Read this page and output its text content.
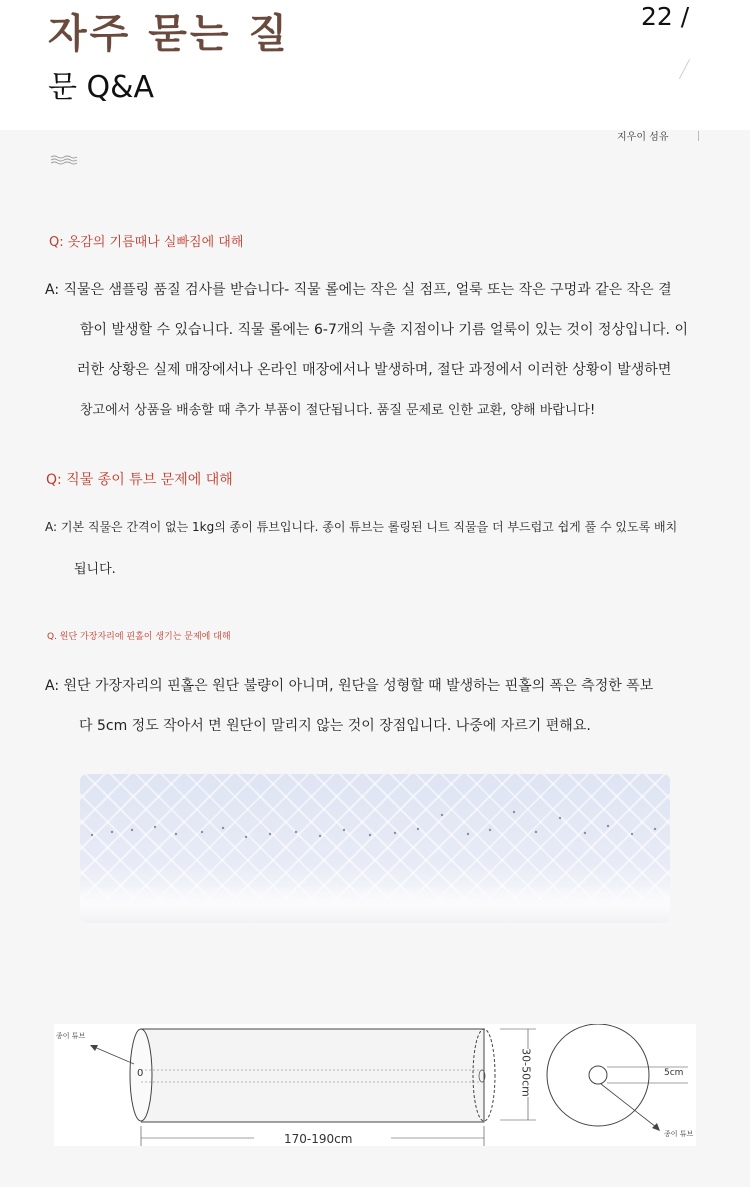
자주 묻는 질
문 Q&A
22 /
지우이 섬유
Q: 옷감의 기름때나 실빠짐에 대해
A: 직물은 샘플링 품질 검사를 받습니다- 직물 롤에는 작은 실 점프, 얼룩 또는 작은 구멍과 같은 작은 결
함이 발생할 수 있습니다. 직물 롤에는 6-7개의 누출 지점이나 기름 얼룩이 있는 것이 정상입니다. 이
러한 상황은 실제 매장에서나 온라인 매장에서나 발생하며, 절단 과정에서 이러한 상황이 발생하면
창고에서 상품을 배송할 때 추가 부품이 절단됩니다. 품질 문제로 인한 교환, 양해 바랍니다!
Q: 직물 종이 튜브 문제에 대해
A: 기본 직물은 간격이 없는 1kg의 종이 튜브입니다. 종이 튜브는 롤링된 니트 직물을 더 부드럽고 쉽게 풀 수 있도록 배치
됩니다.
Q. 원단 가장자리에 핀홀이 생기는 문제에 대해
A: 원단 가장자리의 핀홀은 원단 불량이 아니며, 원단을 성형할 때 발생하는 핀홀의 폭은 측정한 폭보
다 5cm 정도 작아서 면 원단이 말리지 않는 것이 장점입니다. 나중에 자르기 편해요.
종이 튜브
종이 튜브
170-190cm
30-50cm	5cm
0
